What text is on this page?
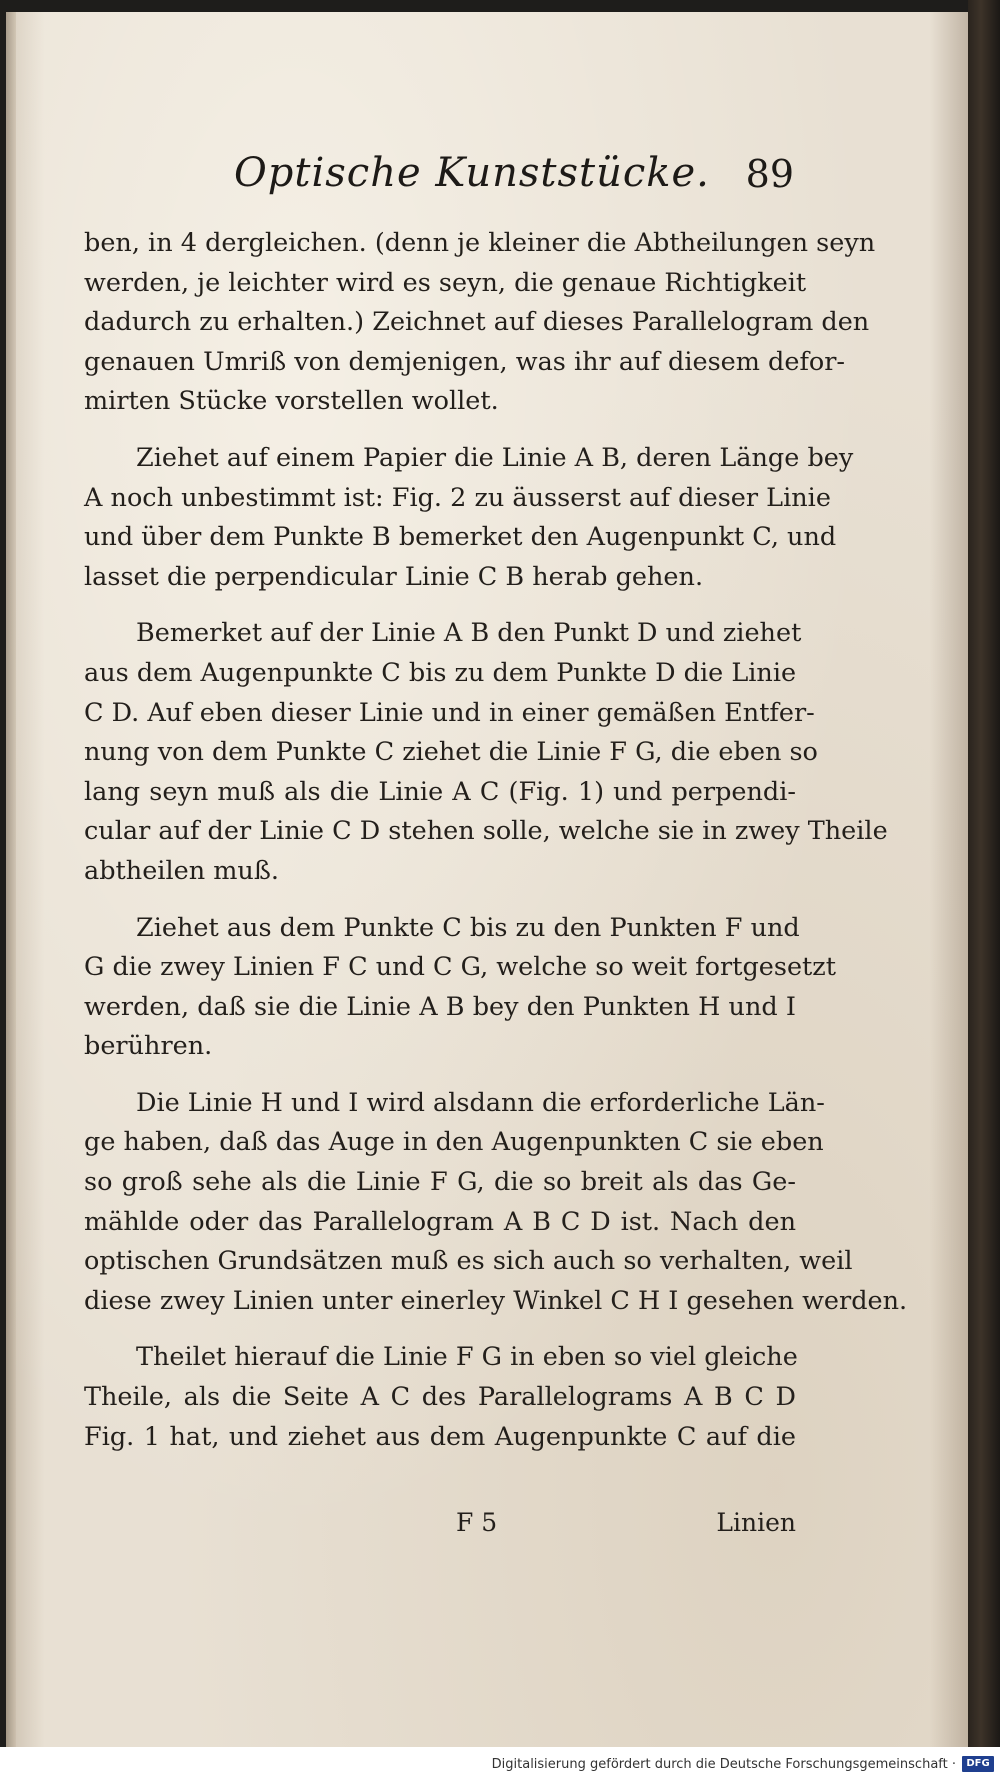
Optische Kunststücke. 89
ben, in 4 dergleichen. (denn je kleiner die Abtheilungen seyn
werden, je leichter wird es seyn, die genaue Richtigkeit
dadurch zu erhalten.) Zeichnet auf dieses Parallelogram den
genauen Umriß von demjenigen, was ihr auf diesem defor-
mirten Stücke vorstellen wollet.
Ziehet auf einem Papier die Linie A B, deren Länge bey
A noch unbestimmt ist: Fig. 2 zu äusserst auf dieser Linie
und über dem Punkte B bemerket den Augenpunkt C, und
lasset die perpendicular Linie C B herab gehen.
Bemerket auf der Linie A B den Punkt D und ziehet
aus dem Augenpunkte C bis zu dem Punkte D die Linie
C D. Auf eben dieser Linie und in einer gemäßen Entfer-
nung von dem Punkte C ziehet die Linie F G, die eben so
lang seyn muß als die Linie A C (Fig. 1) und perpendi-
cular auf der Linie C D stehen solle, welche sie in zwey Theile
abtheilen muß.
Ziehet aus dem Punkte C bis zu den Punkten F und
G die zwey Linien F C und C G, welche so weit fortgesetzt
werden, daß sie die Linie A B bey den Punkten H und I
berühren.
Die Linie H und I wird alsdann die erforderliche Län-
ge haben, daß das Auge in den Augenpunkten C sie eben
so groß sehe als die Linie F G, die so breit als das Ge-
mählde oder das Parallelogram A B C D ist. Nach den
optischen Grundsätzen muß es sich auch so verhalten, weil
diese zwey Linien unter einerley Winkel C H I gesehen werden.
Theilet hierauf die Linie F G in eben so viel gleiche
Theile, als die Seite A C des Parallelograms A B C D
Fig. 1 hat, und ziehet aus dem Augenpunkte C auf die
F 5	Linien
Digitalisierung gefördert durch die Deutsche Forschungsgemeinschaft ·	DFG
